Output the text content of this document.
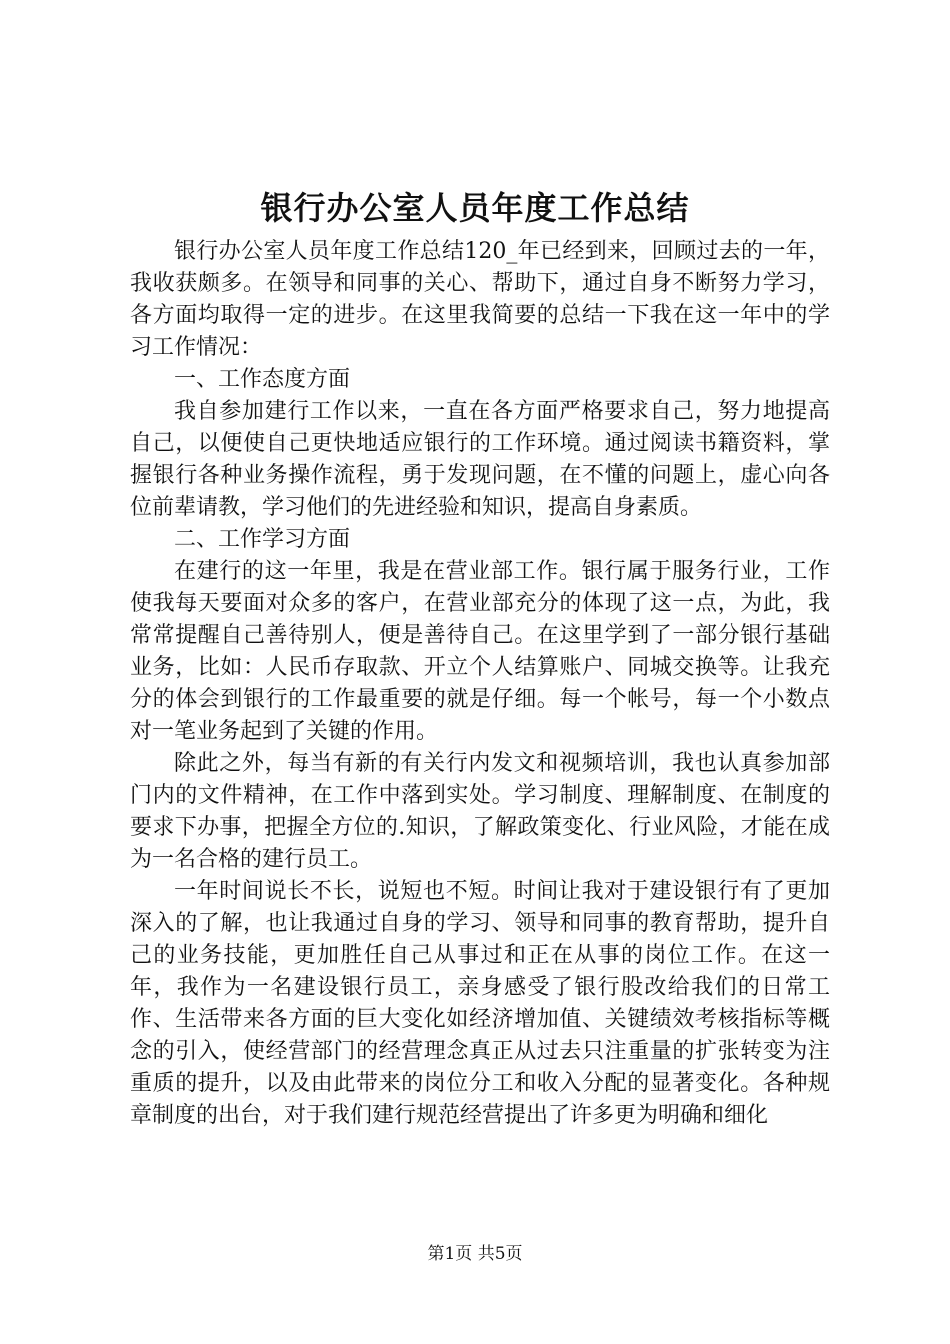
银行办公室人员年度工作总结

银行办公室人员年度工作总结120_年已经到来，回顾过去的一年，我收获颇多。在领导和同事的关心、帮助下，通过自身不断努力学习，各方面均取得一定的进步。在这里我简要的总结一下我在这一年中的学习工作情况：

一、工作态度方面

我自参加建行工作以来，一直在各方面严格要求自己，努力地提高自己，以便使自己更快地适应银行的工作环境。通过阅读书籍资料，掌握银行各种业务操作流程，勇于发现问题，在不懂的问题上，虚心向各位前辈请教，学习他们的先进经验和知识，提高自身素质。

二、工作学习方面

在建行的这一年里，我是在营业部工作。银行属于服务行业，工作使我每天要面对众多的客户，在营业部充分的体现了这一点，为此，我常常提醒自己善待别人，便是善待自己。在这里学到了一部分银行基础业务，比如：人民币存取款、开立个人结算账户、同城交换等。让我充分的体会到银行的工作最重要的就是仔细。每一个帐号，每一个小数点对一笔业务起到了关键的作用。

除此之外，每当有新的有关行内发文和视频培训，我也认真参加部门内的文件精神，在工作中落到实处。学习制度、理解制度、在制度的要求下办事，把握全方位的.知识，了解政策变化、行业风险，才能在成为一名合格的建行员工。

一年时间说长不长，说短也不短。时间让我对于建设银行有了更加深入的了解，也让我通过自身的学习、领导和同事的教育帮助，提升自己的业务技能，更加胜任自己从事过和正在从事的岗位工作。在这一年，我作为一名建设银行员工，亲身感受了银行股改给我们的日常工作、生活带来各方面的巨大变化如经济增加值、关键绩效考核指标等概念的引入，使经营部门的经营理念真正从过去只注重量的扩张转变为注重质的提升，以及由此带来的岗位分工和收入分配的显著变化。各种规章制度的出台，对于我们建行规范经营提出了许多更为明确和细化

第1页 共5页
